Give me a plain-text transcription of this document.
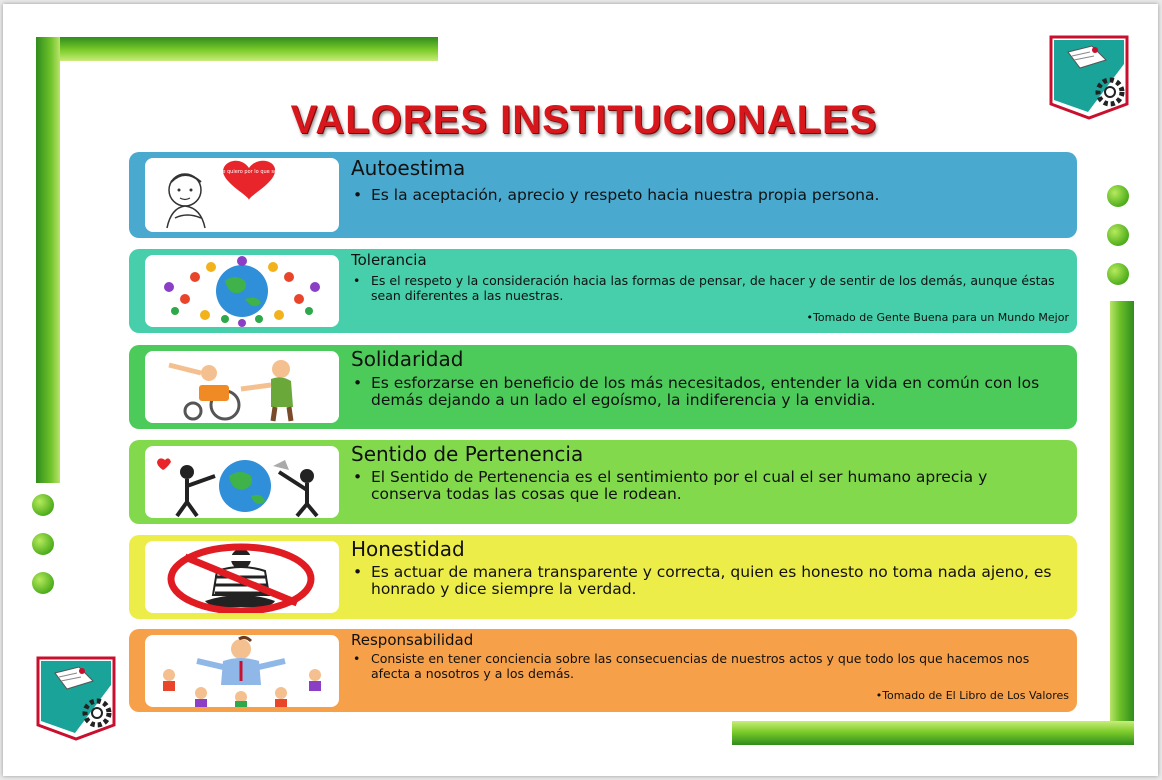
VALORES INSTITUCIONALES
Me quiero por lo que soy	Autoestima
• Es la aceptación, aprecio y respeto hacia nuestra propia persona.
Tolerancia
• Es el respeto y la consideración hacia las formas de pensar, de hacer y de sentir de los demás, aunque éstas sean diferentes a las nuestras.
•Tomado de Gente Buena para un Mundo Mejor
Solidaridad
• Es esforzarse en beneficio de los más necesitados, entender la vida en común con los demás dejando a un lado el egoísmo, la indiferencia y la envidia.
Sentido de Pertenencia
• El Sentido de Pertenencia es el sentimiento por el cual el ser humano aprecia y conserva todas las cosas que le rodean.
Honestidad
• Es actuar de manera transparente y correcta, quien es honesto no toma nada ajeno, es honrado y dice siempre la verdad.
Responsabilidad
• Consiste en tener conciencia sobre las consecuencias de nuestros actos y que todo los que hacemos nos afecta a nosotros y a los demás.
•Tomado de El Libro de Los Valores
